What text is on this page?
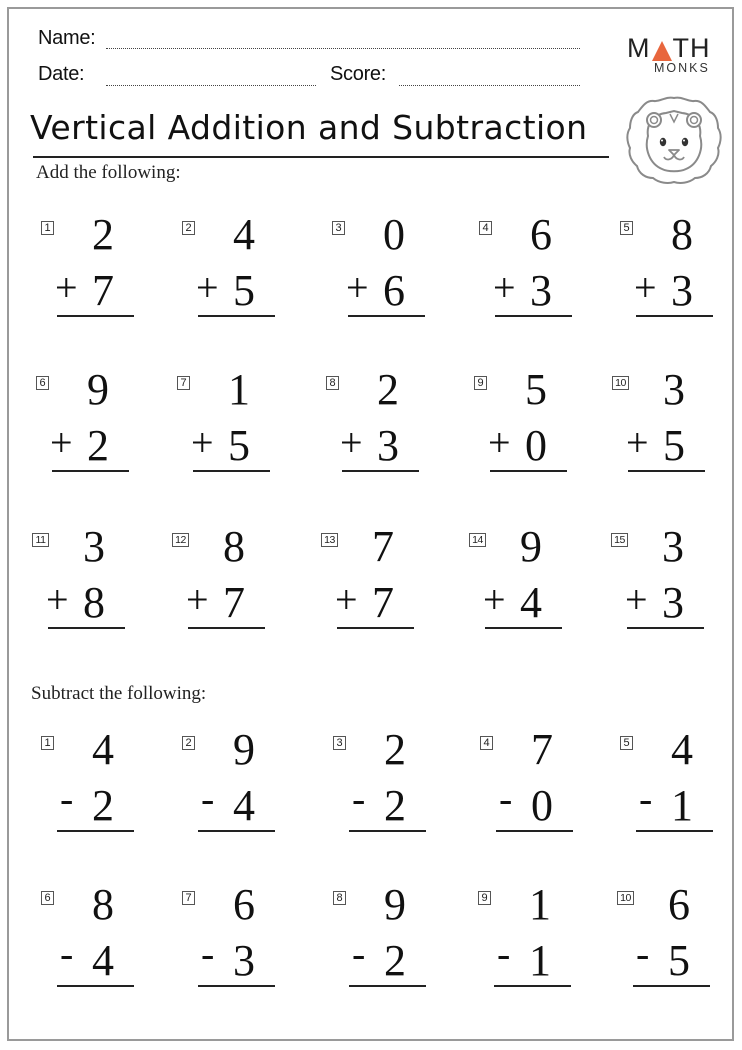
Name:
Date:	Score:
M TH
MONKS
Vertical Addition and Subtraction
Add the following:
1 2
+ 7
2 4
+ 5
3 0
+ 6
4 6
+ 3
5 8
+ 3
6 9
+ 2
7 1
+ 5
8 2
+ 3
9 5
+ 0
10 3
+ 5
11 3
+ 8
12 8
+ 7
13 7
+ 7
14 9
+ 4
15 3
+ 3
Subtract the following:
1 4
- 2
2 9
- 4
3 2
- 2
4 7
- 0
5 4
- 1
6 8
- 4
7 6
- 3
8 9
- 2
9 1
- 1
10 6
- 5
